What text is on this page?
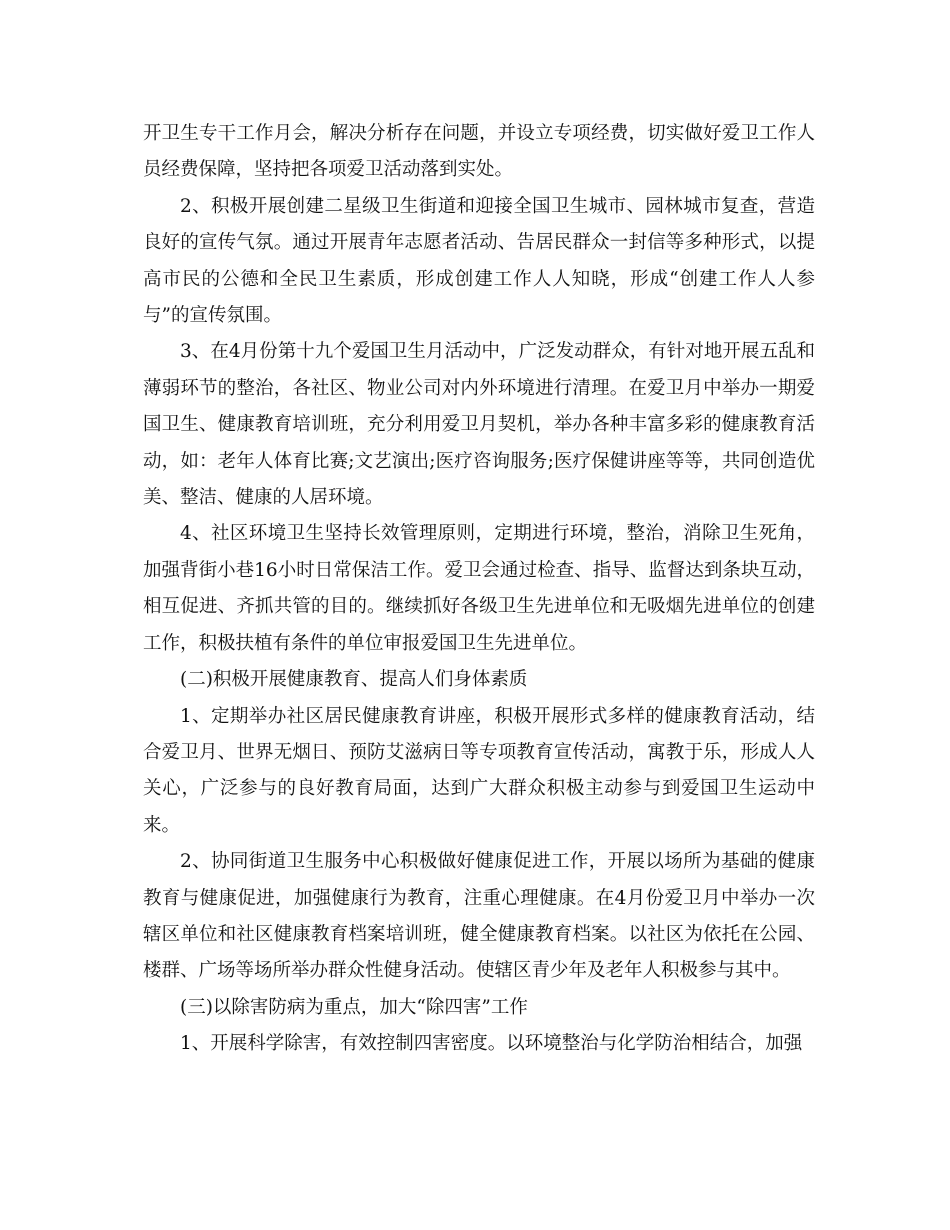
开卫生专干工作月会，解决分析存在问题，并设立专项经费，切实做好爱卫工作人员经费保障，坚持把各项爱卫活动落到实处。

2、积极开展创建二星级卫生街道和迎接全国卫生城市、园林城市复查，营造良好的宣传气氛。通过开展青年志愿者活动、告居民群众一封信等多种形式，以提高市民的公德和全民卫生素质，形成创建工作人人知晓，形成“创建工作人人参与”的宣传氛围。

3、在4月份第十九个爱国卫生月活动中，广泛发动群众，有针对地开展五乱和薄弱环节的整治，各社区、物业公司对内外环境进行清理。在爱卫月中举办一期爱国卫生、健康教育培训班，充分利用爱卫月契机，举办各种丰富多彩的健康教育活动，如：老年人体育比赛;文艺演出;医疗咨询服务;医疗保健讲座等等，共同创造优美、整洁、健康的人居环境。

4、社区环境卫生坚持长效管理原则，定期进行环境，整治，消除卫生死角，加强背街小巷16小时日常保洁工作。爱卫会通过检查、指导、监督达到条块互动，相互促进、齐抓共管的目的。继续抓好各级卫生先进单位和无吸烟先进单位的创建工作，积极扶植有条件的单位审报爱国卫生先进单位。

(二)积极开展健康教育、提高人们身体素质

1、定期举办社区居民健康教育讲座，积极开展形式多样的健康教育活动，结合爱卫月、世界无烟日、预防艾滋病日等专项教育宣传活动，寓教于乐，形成人人关心，广泛参与的良好教育局面，达到广大群众积极主动参与到爱国卫生运动中来。

2、协同街道卫生服务中心积极做好健康促进工作，开展以场所为基础的健康教育与健康促进，加强健康行为教育，注重心理健康。在4月份爱卫月中举办一次辖区单位和社区健康教育档案培训班，健全健康教育档案。以社区为依托在公园、楼群、广场等场所举办群众性健身活动。使辖区青少年及老年人积极参与其中。

(三)以除害防病为重点，加大“除四害”工作

1、开展科学除害，有效控制四害密度。以环境整治与化学防治相结合，加强
